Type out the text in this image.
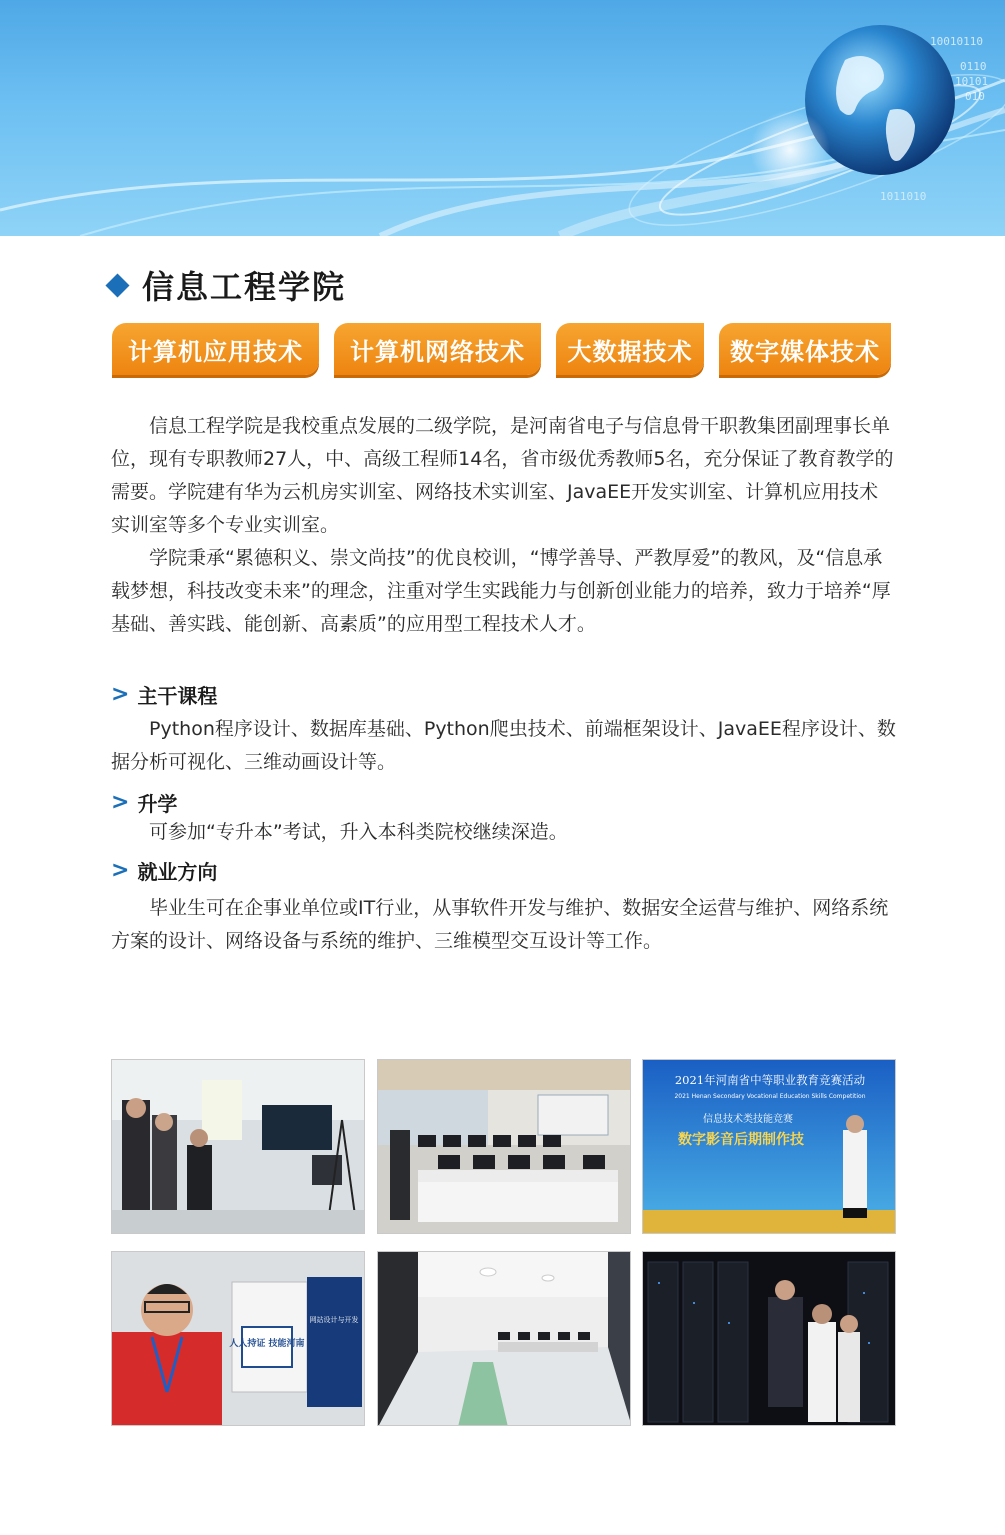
10010110
0110
10101
010
1011010
信息工程学院
计算机应用技术	计算机网络技术	大数据技术	数字媒体技术

信息工程学院是我校重点发展的二级学院，是河南省电子与信息骨干职教集团副理事长单位，现有专职教师27人，中、高级工程师14名，省市级优秀教师5名，充分保证了教育教学的需要。学院建有华为云机房实训室、网络技术实训室、JavaEE开发实训室、计算机应用技术实训室等多个专业实训室。

学院秉承“累德积义、崇文尚技”的优良校训，“博学善导、严教厚爱”的教风，及“信息承载梦想，科技改变未来”的理念，注重对学生实践能力与创新创业能力的培养，致力于培养“厚基础、善实践、能创新、高素质”的应用型工程技术人才。

> 主干课程

Python程序设计、数据库基础、Python爬虫技术、前端框架设计、JavaEE程序设计、数据分析可视化、三维动画设计等。

> 升学

可参加“专升本”考试，升入本科类院校继续深造。

> 就业方向

毕业生可在企事业单位或IT行业，从事软件开发与维护、数据安全运营与维护、网络系统方案的设计、网络设备与系统的维护、三维模型交互设计等工作。

2021年河南省中等职业教育竞赛活动
2021 Henan Secondary Vocational Education Skills Competition
信息技术类技能竞赛
数字影音后期制作技
人人持证 技能河南
网站设计与开发
